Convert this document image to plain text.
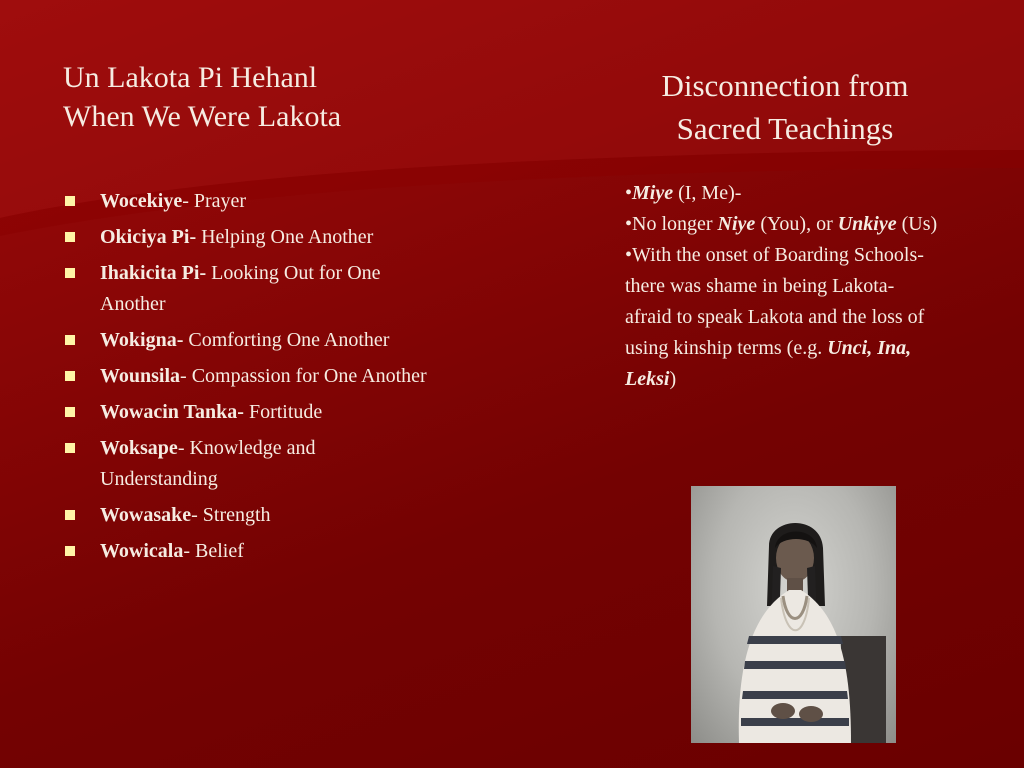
Un Lakota Pi Hehanl
When We Were Lakota
Disconnection from
Sacred Teachings
Wocekiye- Prayer
Okiciya Pi- Helping One Another
Ihakicita Pi- Looking Out for One Another
Wokigna- Comforting One Another
Wounsila- Compassion for One Another
Wowacin Tanka- Fortitude
Woksape- Knowledge and Understanding
Wowasake- Strength
Wowicala- Belief
•Miye (I, Me)-
•No longer Niye (You), or Unkiye (Us)
•With the onset of Boarding Schools- there was shame in being Lakota- afraid to speak Lakota and the loss of using kinship terms (e.g. Unci, Ina, Leksi)
